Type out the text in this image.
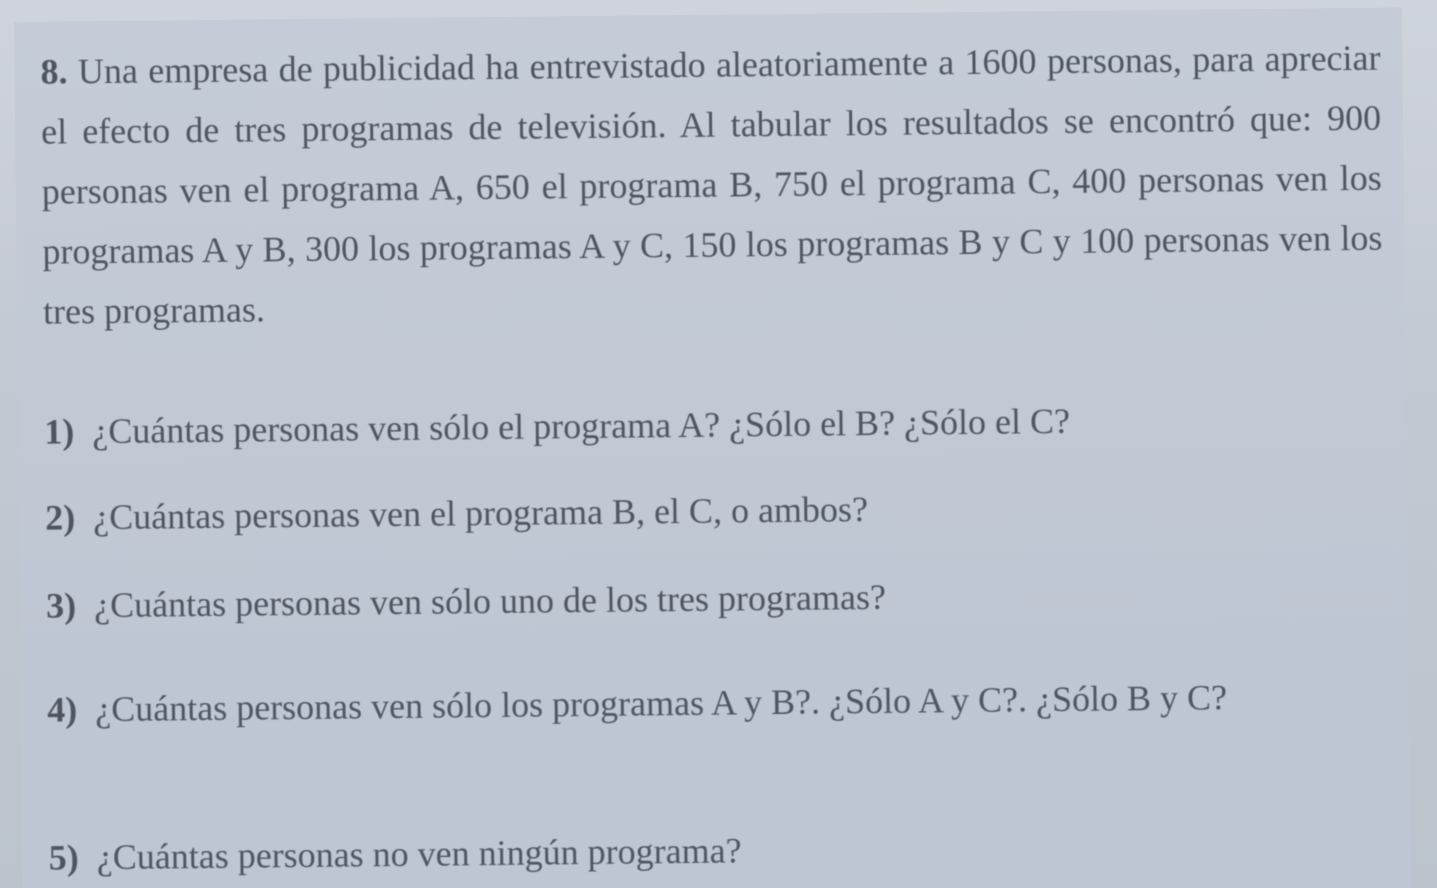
8. Una empresa de publicidad ha entrevistado aleatoriamente a 1600 personas, para apreciar el efecto de tres programas de televisión. Al tabular los resultados se encontró que: 900 personas ven el programa A, 650 el programa B, 750 el programa C, 400 personas ven los programas A y B, 300 los programas A y C, 150 los programas B y C y 100 personas ven los tres programas.

1) ¿Cuántas personas ven sólo el programa A? ¿Sólo el B? ¿Sólo el C?

2) ¿Cuántas personas ven el programa B, el C, o ambos?

3) ¿Cuántas personas ven sólo uno de los tres programas?

4) ¿Cuántas personas ven sólo los programas A y B?. ¿Sólo A y C?. ¿Sólo B y C?

5) ¿Cuántas personas no ven ningún programa?
